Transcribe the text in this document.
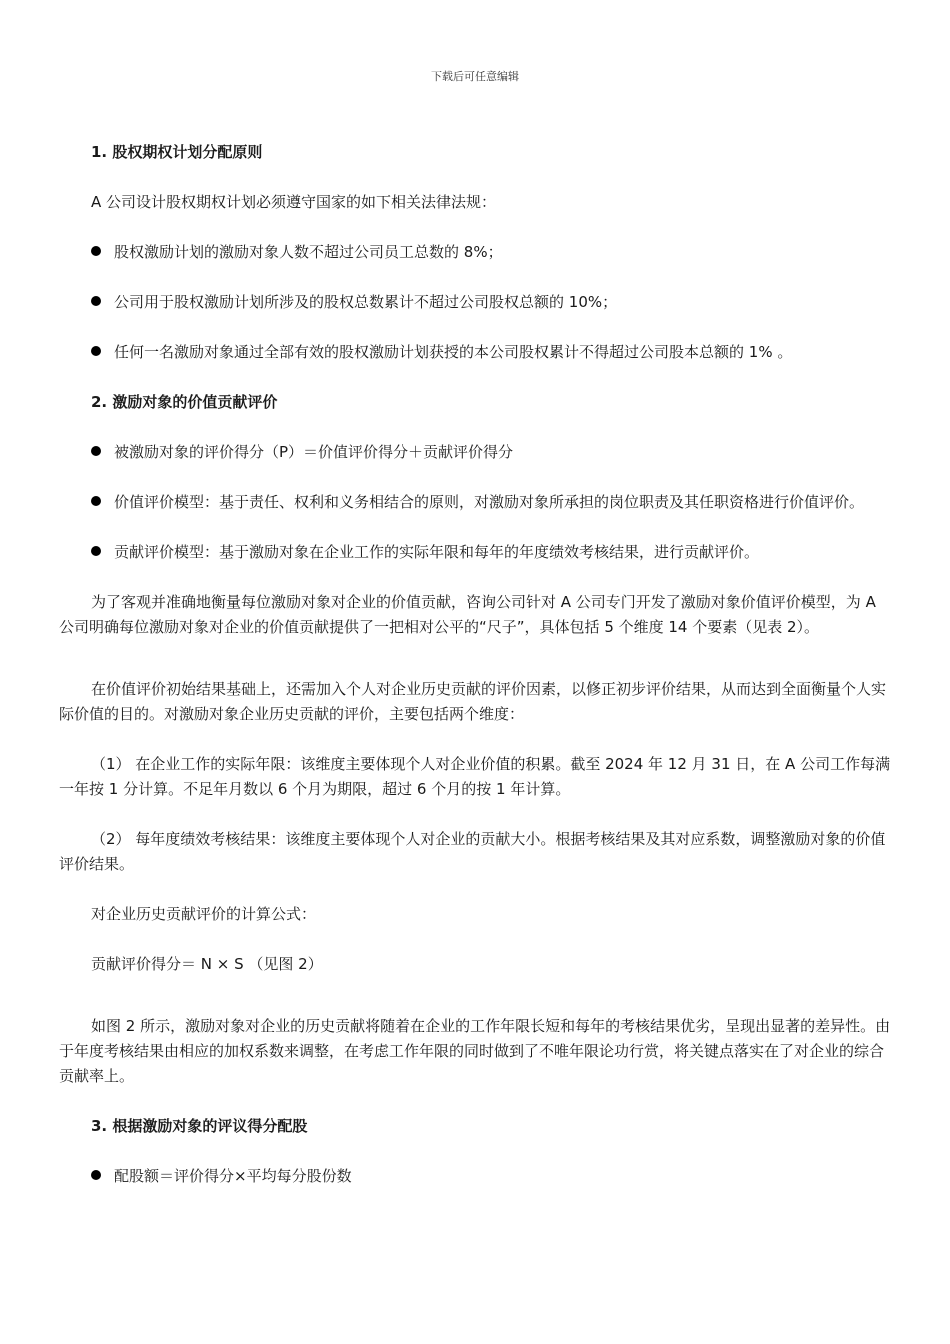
下载后可任意编辑

1. 股权期权计划分配原则

A 公司设计股权期权计划必须遵守国家的如下相关法律法规：

股权激励计划的激励对象人数不超过公司员工总数的 8%；

公司用于股权激励计划所涉及的股权总数累计不超过公司股权总额的 10%；

任何一名激励对象通过全部有效的股权激励计划获授的本公司股权累计不得超过公司股本总额的 1% 。

2. 激励对象的价值贡献评价

被激励对象的评价得分（P）＝价值评价得分＋贡献评价得分

价值评价模型：基于责任、权利和义务相结合的原则，对激励对象所承担的岗位职责及其任职资格进行价值评价。

贡献评价模型：基于激励对象在企业工作的实际年限和每年的年度绩效考核结果，进行贡献评价。

为了客观并准确地衡量每位激励对象对企业的价值贡献，咨询公司针对 A 公司专门开发了激励对象价值评价模型，为 A 公司明确每位激励对象对企业的价值贡献提供了一把相对公平的“尺子”，具体包括 5 个维度 14 个要素（见表 2）。

在价值评价初始结果基础上，还需加入个人对企业历史贡献的评价因素，以修正初步评价结果，从而达到全面衡量个人实际价值的目的。对激励对象企业历史贡献的评价，主要包括两个维度：

（1） 在企业工作的实际年限：该维度主要体现个人对企业价值的积累。截至 2024 年 12 月 31 日，在 A 公司工作每满一年按 1 分计算。不足年月数以 6 个月为期限，超过 6 个月的按 1 年计算。

（2） 每年度绩效考核结果：该维度主要体现个人对企业的贡献大小。根据考核结果及其对应系数，调整激励对象的价值评价结果。

对企业历史贡献评价的计算公式：

贡献评价得分＝ N × S （见图 2）

如图 2 所示，激励对象对企业的历史贡献将随着在企业的工作年限长短和每年的考核结果优劣，呈现出显著的差异性。由于年度考核结果由相应的加权系数来调整，在考虑工作年限的同时做到了不唯年限论功行赏，将关键点落实在了对企业的综合贡献率上。

3. 根据激励对象的评议得分配股

配股额＝评价得分×平均每分股份数
